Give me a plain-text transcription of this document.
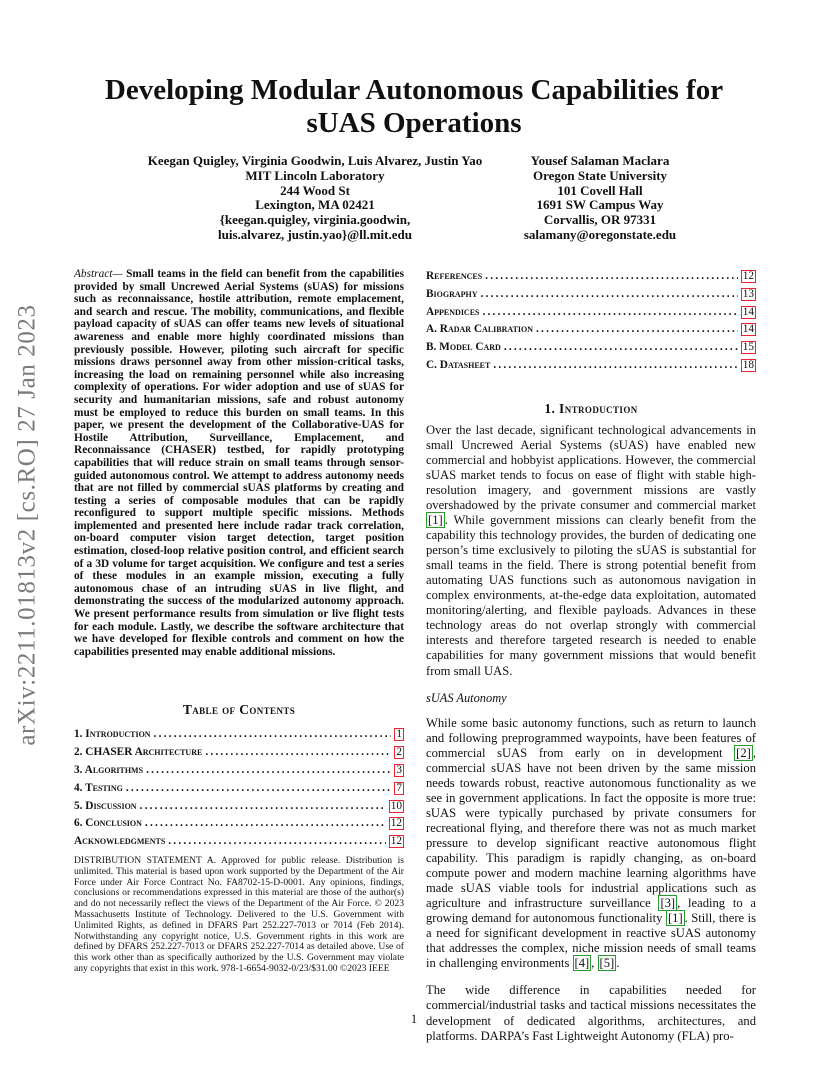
arXiv:2211.01813v2 [cs.RO] 27 Jan 2023
Developing Modular Autonomous Capabilities for sUAS Operations
Keegan Quigley, Virginia Goodwin, Luis Alvarez, Justin Yao
MIT Lincoln Laboratory
244 Wood St
Lexington, MA 02421
{keegan.quigley, virginia.goodwin,
luis.alvarez, justin.yao}@ll.mit.edu
Yousef Salaman Maclara
Oregon State University
101 Covell Hall
1691 SW Campus Way
Corvallis, OR 97331
salamany@oregonstate.edu
Abstract— Small teams in the field can benefit from the capabilities provided by small Uncrewed Aerial Systems (sUAS) for missions such as reconnaissance, hostile attribution, remote emplacement, and search and rescue. The mobility, communications, and flexible payload capacity of sUAS can offer teams new levels of situational awareness and enable more highly coordinated missions than previously possible. However, piloting such aircraft for specific missions draws personnel away from other mission-critical tasks, increasing the load on remaining personnel while also increasing complexity of operations. For wider adoption and use of sUAS for security and humanitarian missions, safe and robust autonomy must be employed to reduce this burden on small teams. In this paper, we present the development of the Collaborative-UAS for Hostile Attribution, Surveillance, Emplacement, and Reconnaissance (CHASER) testbed, for rapidly prototyping capabilities that will reduce strain on small teams through sensor-guided autonomous control. We attempt to address autonomy needs that are not filled by commercial sUAS platforms by creating and testing a series of composable modules that can be rapidly reconfigured to support multiple specific missions. Methods implemented and presented here include radar track correlation, on-board computer vision target detection, target position estimation, closed-loop relative position control, and efficient search of a 3D volume for target acquisition. We configure and test a series of these modules in an example mission, executing a fully autonomous chase of an intruding sUAS in live flight, and demonstrating the success of the modularized autonomy approach. We present performance results from simulation or live flight tests for each module. Lastly, we describe the software architecture that we have developed for flexible controls and comment on how the capabilities presented may enable additional missions.
Table of Contents
1. Introduction .....	1
2. CHASER Architecture .....	2
3. Algorithms .....	3
4. Testing .....	7
5. Discussion .....	10
6. Conclusion .....	12
Acknowledgments .....	12
DISTRIBUTION STATEMENT A. Approved for public release. Distribution is unlimited. This material is based upon work supported by the Department of the Air Force under Air Force Contract No. FA8702-15-D-0001. Any opinions, findings, conclusions or recommendations expressed in this material are those of the author(s) and do not necessarily reflect the views of the Department of the Air Force. © 2023 Massachusetts Institute of Technology. Delivered to the U.S. Government with Unlimited Rights, as defined in DFARS Part 252.227-7013 or 7014 (Feb 2014). Notwithstanding any copyright notice, U.S. Government rights in this work are defined by DFARS 252.227-7013 or DFARS 252.227-7014 as detailed above. Use of this work other than as specifically authorized by the U.S. Government may violate any copyrights that exist in this work. 978-1-6654-9032-0/23/$31.00 ©2023 IEEE
References .....	12
Biography .....	13
Appendices .....	14
A. Radar Calibration .....	14
B. Model Card .....	15
C. Datasheet .....	18
1. Introduction

Over the last decade, significant technological advancements in small Uncrewed Aerial Systems (sUAS) have enabled new commercial and hobbyist applications. However, the commercial sUAS market tends to focus on ease of flight with stable high-resolution imagery, and government missions are vastly overshadowed by the private consumer and commercial market [1] . While government missions can clearly benefit from the capability this technology provides, the burden of dedicating one person’s time exclusively to piloting the sUAS is substantial for small teams in the field. There is strong potential benefit from automating UAS functions such as autonomous navigation in complex environments, at-the-edge data exploitation, automated monitoring/alerting, and flexible payloads. Advances in these technology areas do not overlap strongly with commercial interests and therefore targeted research is needed to enable capabilities for many government missions that would benefit from small UAS.

sUAS Autonomy

While some basic autonomy functions, such as return to launch and following preprogrammed waypoints, have been features of commercial sUAS from early on in development [2] , commercial sUAS have not been driven by the same mission needs towards robust, reactive autonomous functionality as we see in government applications. In fact the opposite is more true: sUAS were typically purchased by private consumers for recreational flying, and therefore there was not as much market pressure to develop significant reactive autonomous flight capability. This paradigm is rapidly changing, as on-board compute power and modern machine learning algorithms have made sUAS viable tools for industrial applications such as agriculture and infrastructure surveillance [3] , leading to a growing demand for autonomous functionality [1] . Still, there is a need for significant development in reactive sUAS autonomy that addresses the complex, niche mission needs of small teams in challenging environments [4] , [5] .

The wide difference in capabilities needed for commercial/industrial tasks and tactical missions necessitates the development of dedicated algorithms, architectures, and platforms. DARPA’s Fast Lightweight Autonomy (FLA) pro-

1
